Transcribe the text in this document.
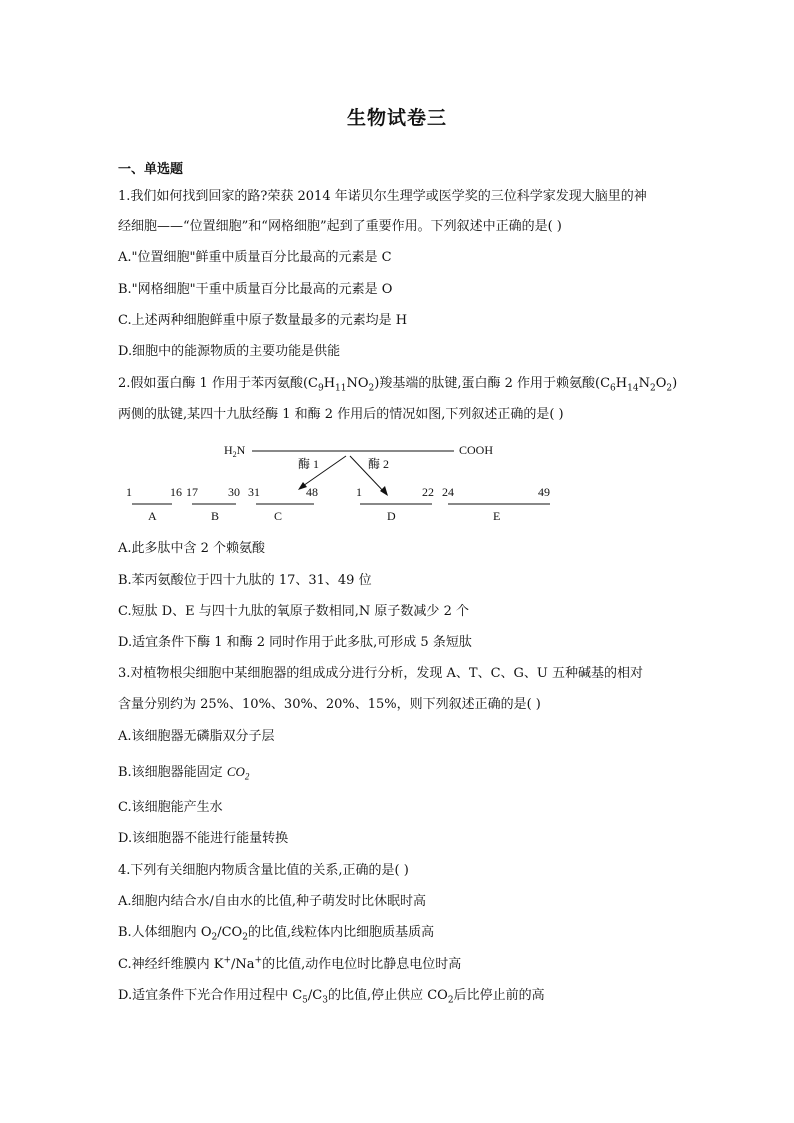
生物试卷三
一、单选题
1.我们如何找到回家的路?荣获 2014 年诺贝尔生理学或医学奖的三位科学家发现大脑里的神
经细胞——“位置细胞”和“网格细胞”起到了重要作用。下列叙述中正确的是( )
A."位置细胞"鲜重中质量百分比最高的元素是 C
B."网格细胞"干重中质量百分比最高的元素是 O
C.上述两种细胞鲜重中原子数量最多的元素均是 H
D.细胞中的能源物质的主要功能是供能
2.假如蛋白酶 1 作用于苯丙氨酸$(C_9H_{11}NO_2)$羧基端的肽键,蛋白酶 2 作用于赖氨酸$(C_6H_{14}N_2O_2)$
两侧的肽键,某四十九肽经酶 1 和酶 2 作用后的情况如图,下列叙述正确的是( )
$H_2N$	COOH
酶 1	酶 2
1	16 17	30 31	48	1	22 24	49
A	B	C	D	E
A.此多肽中含 2 个赖氨酸
B.苯丙氨酸位于四十九肽的 17、31、49 位
C.短肽 D、E 与四十九肽的氧原子数相同,N 原子数减少 2 个
D.适宜条件下酶 1 和酶 2 同时作用于此多肽,可形成 5 条短肽
3.对植物根尖细胞中某细胞器的组成成分进行分析，发现 A、T、C、G、U 五种碱基的相对
含量分别约为 25%、10%、30%、20%、15%，则下列叙述正确的是( )
A.该细胞器无磷脂双分子层
B.该细胞器能固定 $CO_2$
C.该细胞能产生水
D.该细胞器不能进行能量转换
4.下列有关细胞内物质含量比值的关系,正确的是( )
A.细胞内结合水/自由水的比值,种子萌发时比休眠时高
B.人体细胞内 $O_2/CO_2$的比值,线粒体内比细胞质基质高
C.神经纤维膜内 K+/Na+的比值,动作电位时比静息电位时高
D.适宜条件下光合作用过程中 $C_5/C_3$的比值,停止供应 $CO_2$后比停止前的高
